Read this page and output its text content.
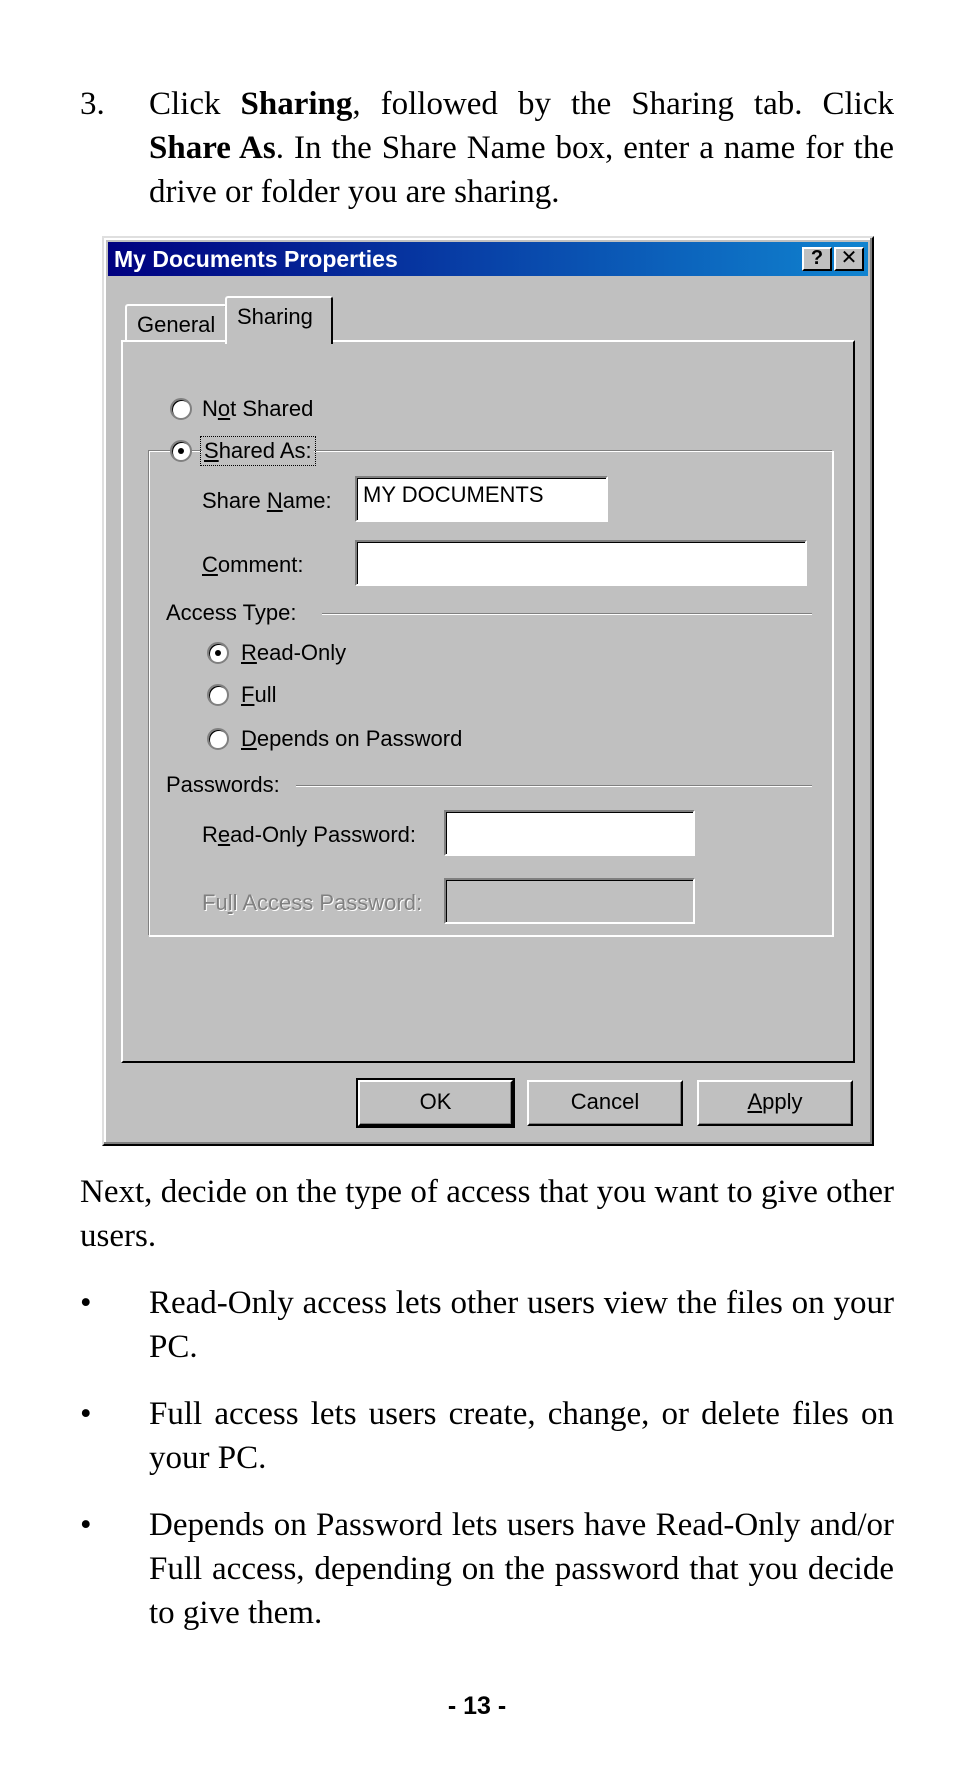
3. Click Sharing, followed by the Sharing tab. Click Share As. In the Share Name box, enter a name for the drive or folder you are sharing.
My Documents Properties	? ✕
General Sharing
Not Shared
Shared As:
Share Name:	MY DOCUMENTS
Comment:
Access Type:
Read-Only
Full
Depends on Password
Passwords:
Read-Only Password:
Full Access Password:
OK	Cancel	Apply
Next, decide on the type of access that you want to give other users.
• Read-Only access lets other users view the files on your PC.
• Full access lets users create, change, or delete files on your PC.
• Depends on Password lets users have Read-Only and/or Full access, depending on the password that you decide to give them.
- 13 -
